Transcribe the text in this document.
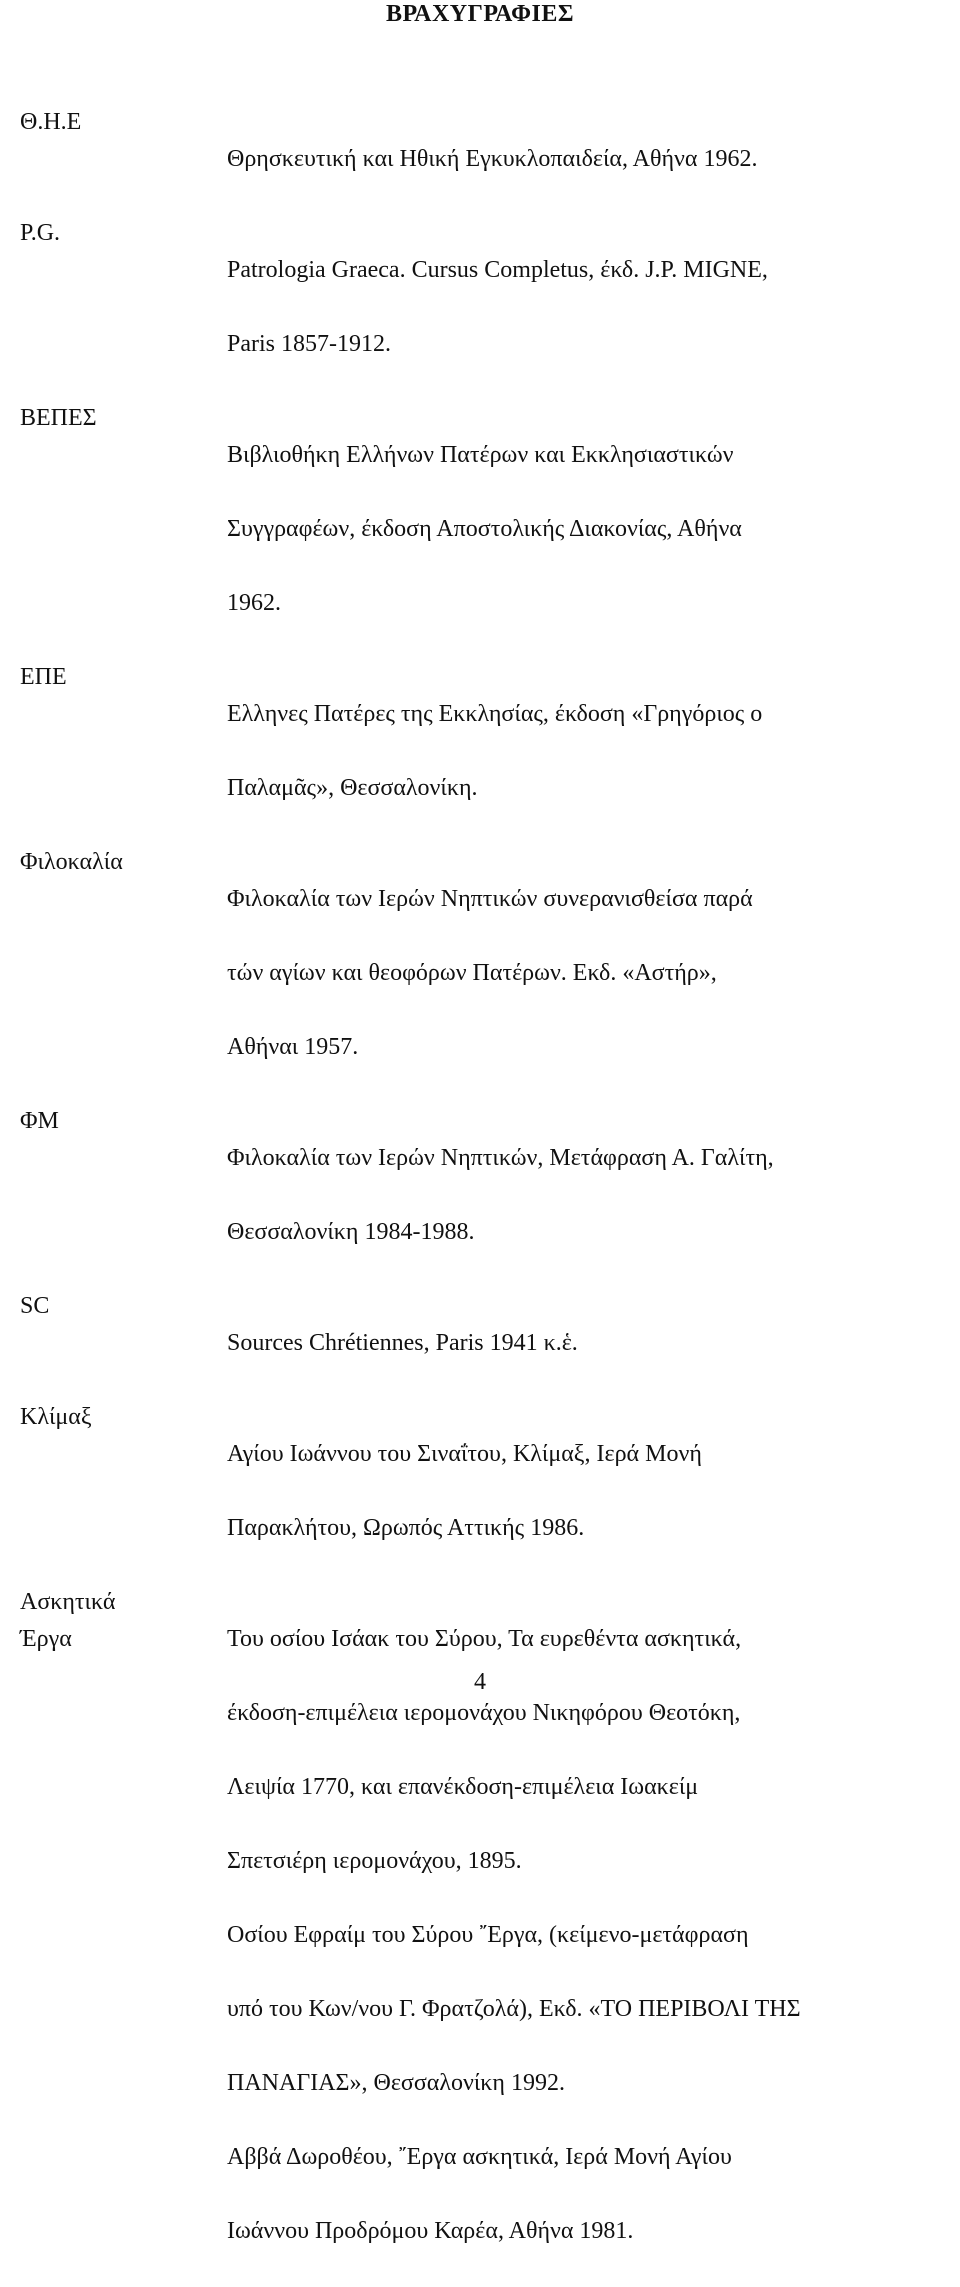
ΒΡΑΧΥΓΡΑΦΙΕΣ
Θ.Η.Ε

Θρησκευτική και Ηθική Εγκυκλοπαιδεία, Αθήνα 1962.

P.G.

Patrologia Graeca. Cursus Completus, έκδ. J.P. MIGNE,

Paris 1857-1912.

ΒΕΠΕΣ

Βιβλιοθήκη Ελλήνων Πατέρων και Εκκλησιαστικών

Συγγραφέων, έκδοση Αποστολικής Διακονίας, Αθήνα

1962.

ΕΠΕ

Ελληνες Πατέρες της Εκκλησίας, έκδοση «Γρηγόριος ο

Παλαμᾶς», Θεσσαλονίκη.

Φιλοκαλία

Φιλοκαλία των Ιερών Νηπτικών συνερανισθείσα παρά

τών αγίων και θεοφόρων Πατέρων. Εκδ. «Αστήρ»,

Αθήναι 1957.

ΦΜ

Φιλοκαλία των Ιερών Νηπτικών, Μετάφραση Α. Γαλίτη,

Θεσσαλονίκη 1984-1988.

SC

Sources Chrétiennes, Paris 1941 κ.ἑ.

Κλίμαξ

Αγίου Ιωάννου του Σιναΐτου, Κλίμαξ, Ιερά Μονή

Παρακλήτου, Ωρωπός Αττικής 1986.

Ασκητικά
Έργα	Του οσίου Ισάακ του Σύρου, Τα ευρεθέντα ασκητικά,

έκδοση-επιμέλεια ιερομονάχου Νικηφόρου Θεοτόκη,

Λειψία 1770, και επανέκδοση-επιμέλεια Ιωακείμ

Σπετσιέρη ιερομονάχου, 1895.

Οσίου Εφραίμ του Σύρου ῎Εργα, (κείμενο-μετάφραση

υπό του Κων/νου Γ. Φρατζολά), Εκδ. «ΤΟ ΠΕΡΙΒΟΛΙ ΤΗΣ

ΠΑΝΑΓΙΑΣ», Θεσσαλονίκη 1992.

Αββά Δωροθέου, ῎Εργα ασκητικά, Ιερά Μονή Αγίου

Ιωάννου Προδρόμου Καρέα, Αθήνα 1981.

4
